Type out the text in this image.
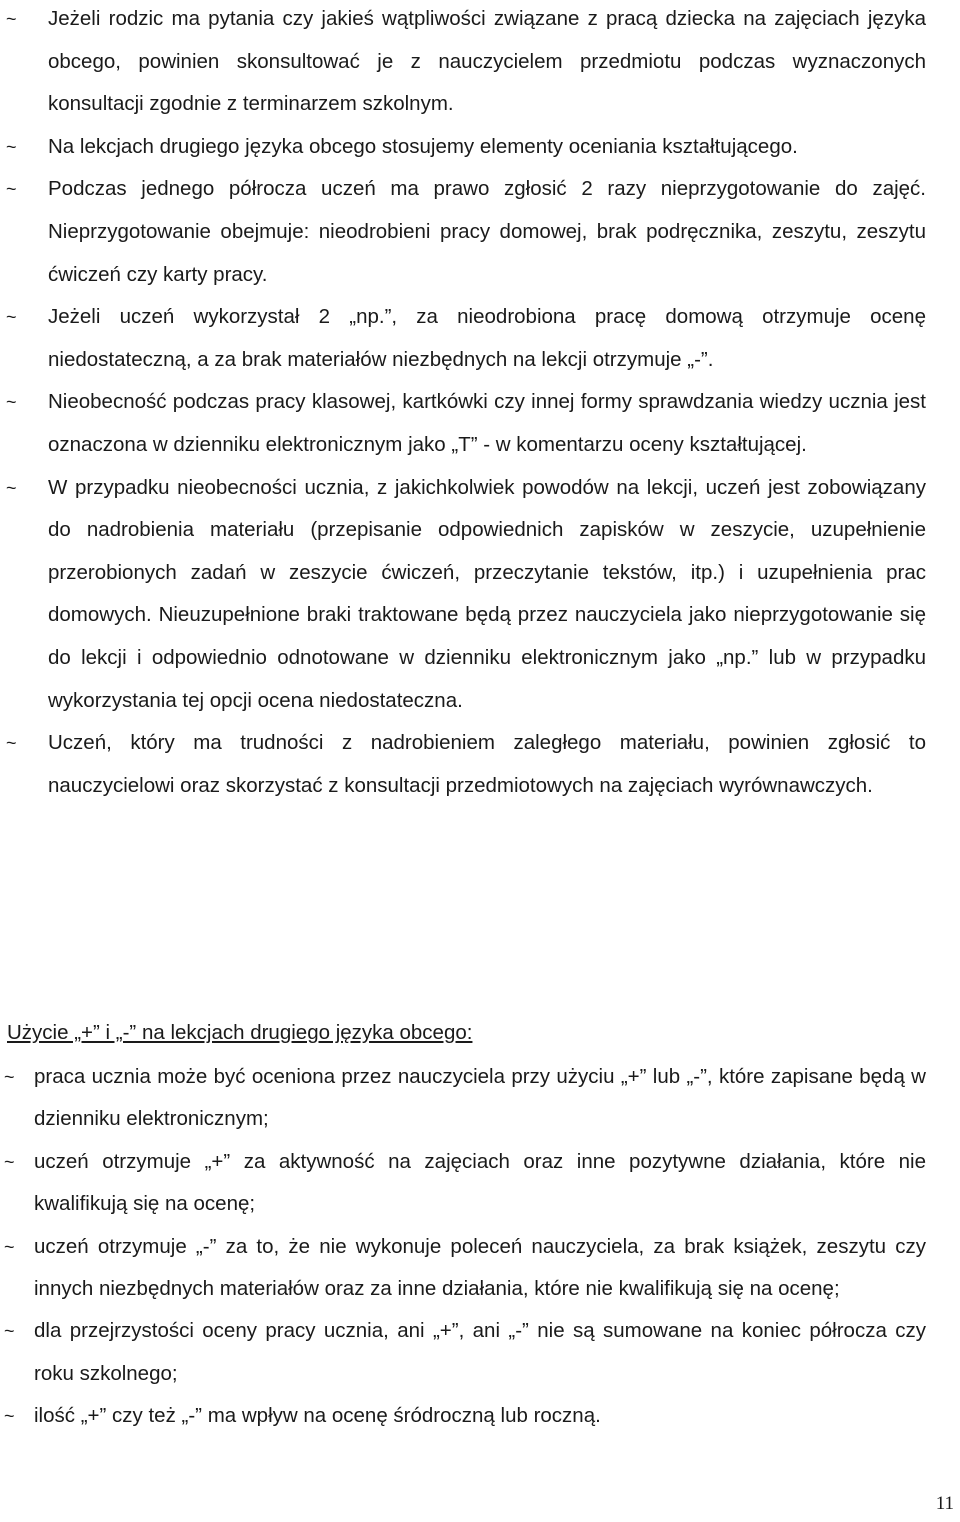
~ Jeżeli rodzic ma pytania czy jakieś wątpliwości związane z pracą dziecka na zajęciach języka obcego, powinien skonsultować je z nauczycielem przedmiotu podczas wyznaczonych konsultacji zgodnie z terminarzem szkolnym.
~ Na lekcjach drugiego języka obcego stosujemy elementy oceniania kształtującego.
~ Podczas jednego półrocza uczeń ma prawo zgłosić 2 razy nieprzygotowanie do zajęć. Nieprzygotowanie obejmuje: nieodrobieni pracy domowej, brak podręcznika, zeszytu, zeszytu ćwiczeń czy karty pracy.
~ Jeżeli uczeń wykorzystał 2 „np.”, za nieodrobiona pracę domową otrzymuje ocenę niedostateczną, a za brak materiałów niezbędnych na lekcji otrzymuje „-”.
~ Nieobecność podczas pracy klasowej, kartkówki czy innej formy sprawdzania wiedzy ucznia jest oznaczona w dzienniku elektronicznym jako „T” - w komentarzu oceny kształtującej.
~ W przypadku nieobecności ucznia, z jakichkolwiek powodów na lekcji, uczeń jest zobowiązany do nadrobienia materiału (przepisanie odpowiednich zapisków w zeszycie, uzupełnienie przerobionych zadań w zeszycie ćwiczeń, przeczytanie tekstów, itp.) i uzupełnienia prac domowych. Nieuzupełnione braki traktowane będą przez nauczyciela jako nieprzygotowanie się do lekcji i odpowiednio odnotowane w dzienniku elektronicznym jako „np.” lub w przypadku wykorzystania tej opcji ocena niedostateczna.
~ Uczeń, który ma trudności z nadrobieniem zaległego materiału, powinien zgłosić to nauczycielowi oraz skorzystać z konsultacji przedmiotowych na zajęciach wyrównawczych.
Użycie „+” i „-” na lekcjach drugiego języka obcego:
~ praca ucznia może być oceniona przez nauczyciela przy użyciu „+” lub „-”, które zapisane będą w dzienniku elektronicznym;
~ uczeń otrzymuje „+” za aktywność na zajęciach oraz inne pozytywne działania, które nie kwalifikują się na ocenę;
~ uczeń otrzymuje „-” za to, że nie wykonuje poleceń nauczyciela, za brak książek, zeszytu czy innych niezbędnych materiałów oraz za inne działania, które nie kwalifikują się na ocenę;
~ dla przejrzystości oceny pracy ucznia, ani „+”, ani „-” nie są sumowane na koniec półrocza czy roku szkolnego;
~ ilość „+” czy też „-” ma wpływ na ocenę śródroczną lub roczną.
11
